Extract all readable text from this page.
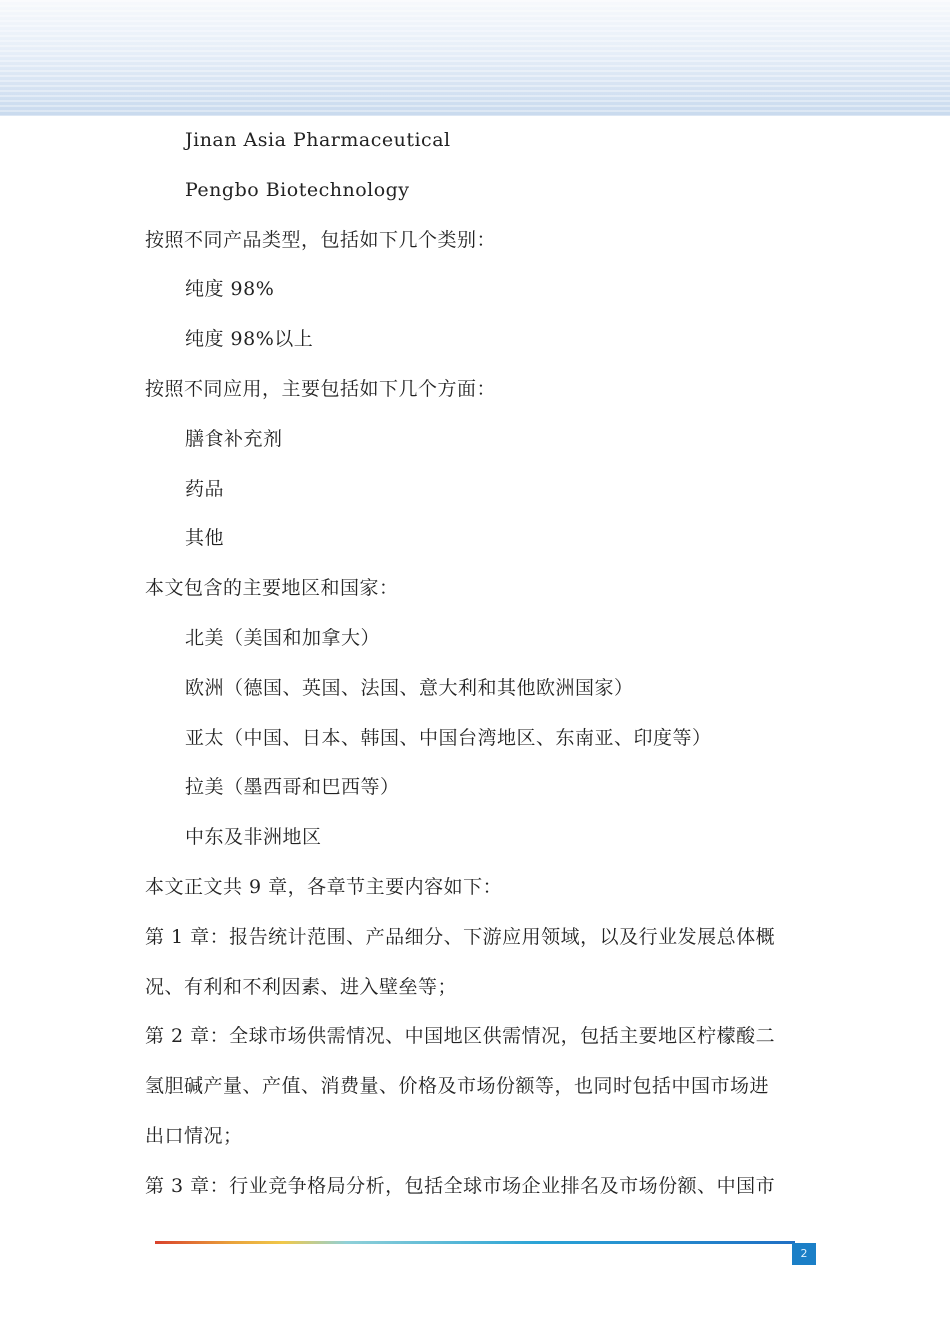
Jinan Asia Pharmaceutical
Pengbo Biotechnology
按照不同产品类型，包括如下几个类别：
纯度 98%
纯度 98%以上
按照不同应用，主要包括如下几个方面：
膳食补充剂
药品
其他
本文包含的主要地区和国家：
北美（美国和加拿大）
欧洲（德国、英国、法国、意大利和其他欧洲国家）
亚太（中国、日本、韩国、中国台湾地区、东南亚、印度等）
拉美（墨西哥和巴西等）
中东及非洲地区
本文正文共 9 章，各章节主要内容如下：
第 1 章：报告统计范围、产品细分、下游应用领域，以及行业发展总体概
况、有利和不利因素、进入壁垒等；
第 2 章：全球市场供需情况、中国地区供需情况，包括主要地区柠檬酸二
氢胆碱产量、产值、消费量、价格及市场份额等，也同时包括中国市场进
出口情况；
第 3 章：行业竞争格局分析，包括全球市场企业排名及市场份额、中国市
2
